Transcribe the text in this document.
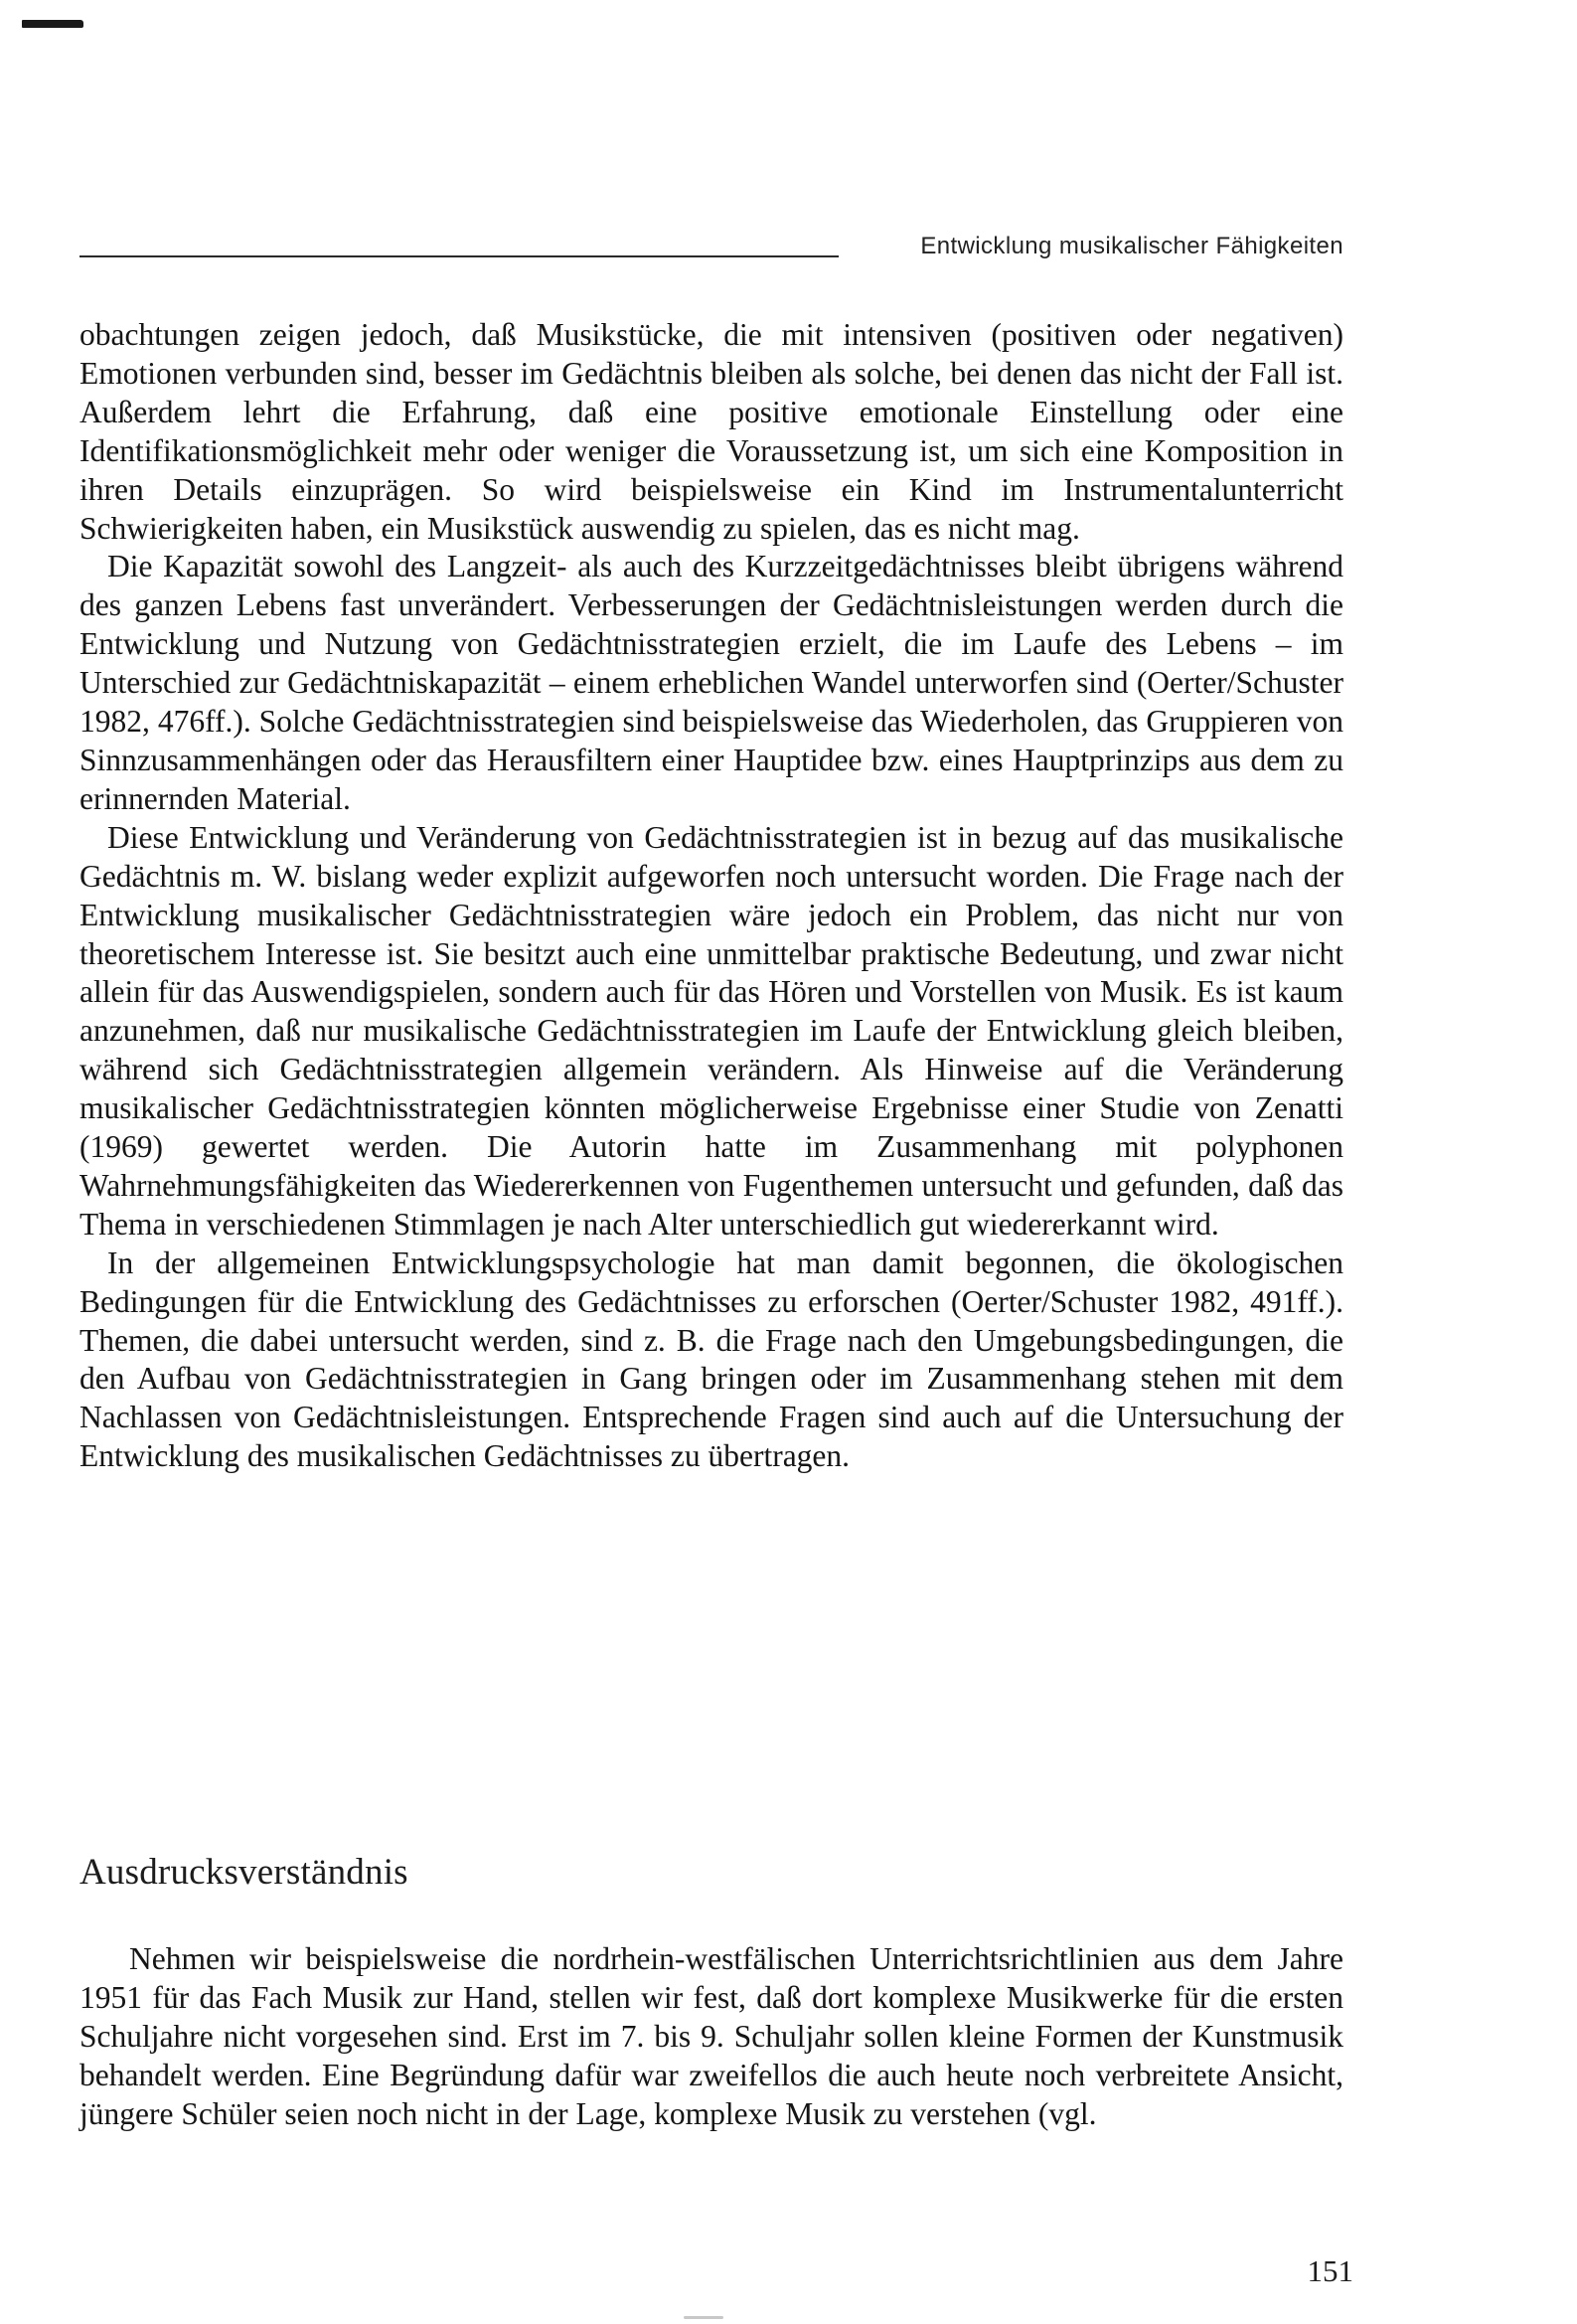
Entwicklung musikalischer Fähigkeiten

obachtungen zeigen jedoch, daß Musikstücke, die mit intensiven (positiven oder negativen) Emotionen verbunden sind, besser im Gedächtnis bleiben als solche, bei denen das nicht der Fall ist. Außerdem lehrt die Erfahrung, daß eine positive emotionale Einstellung oder eine Identifikationsmöglichkeit mehr oder weniger die Voraussetzung ist, um sich eine Komposition in ihren Details einzuprägen. So wird beispielsweise ein Kind im Instrumentalunterricht Schwierigkeiten haben, ein Musikstück auswendig zu spielen, das es nicht mag.

Die Kapazität sowohl des Langzeit- als auch des Kurzzeitgedächtnisses bleibt übrigens während des ganzen Lebens fast unverändert. Verbesserungen der Gedächtnisleistungen werden durch die Entwicklung und Nutzung von Gedächtnisstrategien erzielt, die im Laufe des Lebens – im Unterschied zur Gedächtniskapazität – einem erheblichen Wandel unterworfen sind (Oerter/Schuster 1982, 476ff.). Solche Gedächtnisstrategien sind beispielsweise das Wiederholen, das Gruppieren von Sinnzusammenhängen oder das Herausfiltern einer Hauptidee bzw. eines Hauptprinzips aus dem zu erinnernden Material.

Diese Entwicklung und Veränderung von Gedächtnisstrategien ist in bezug auf das musikalische Gedächtnis m. W. bislang weder explizit aufgeworfen noch untersucht worden. Die Frage nach der Entwicklung musikalischer Gedächtnisstrategien wäre jedoch ein Problem, das nicht nur von theoretischem Interesse ist. Sie besitzt auch eine unmittelbar praktische Bedeutung, und zwar nicht allein für das Auswendigspielen, sondern auch für das Hören und Vorstellen von Musik. Es ist kaum anzunehmen, daß nur musikalische Gedächtnisstrategien im Laufe der Entwicklung gleich bleiben, während sich Gedächtnisstrategien allgemein verändern. Als Hinweise auf die Veränderung musikalischer Gedächtnisstrategien könnten möglicherweise Ergebnisse einer Studie von Zenatti (1969) gewertet werden. Die Autorin hatte im Zusammenhang mit polyphonen Wahrnehmungsfähigkeiten das Wiedererkennen von Fugenthemen untersucht und gefunden, daß das Thema in verschiedenen Stimmlagen je nach Alter unterschiedlich gut wiedererkannt wird.

In der allgemeinen Entwicklungspsychologie hat man damit begonnen, die ökologischen Bedingungen für die Entwicklung des Gedächtnisses zu erforschen (Oerter/Schuster 1982, 491ff.). Themen, die dabei untersucht werden, sind z. B. die Frage nach den Umgebungsbedingungen, die den Aufbau von Gedächtnisstrategien in Gang bringen oder im Zusammenhang stehen mit dem Nachlassen von Gedächtnisleistungen. Entsprechende Fragen sind auch auf die Untersuchung der Entwicklung des musikalischen Gedächtnisses zu übertragen.

Ausdrucksverständnis

Nehmen wir beispielsweise die nordrhein-westfälischen Unterrichtsrichtlinien aus dem Jahre 1951 für das Fach Musik zur Hand, stellen wir fest, daß dort komplexe Musikwerke für die ersten Schuljahre nicht vorgesehen sind. Erst im 7. bis 9. Schuljahr sollen kleine Formen der Kunstmusik behandelt werden. Eine Begründung dafür war zweifellos die auch heute noch verbreitete Ansicht, jüngere Schüler seien noch nicht in der Lage, komplexe Musik zu verstehen (vgl.

151
